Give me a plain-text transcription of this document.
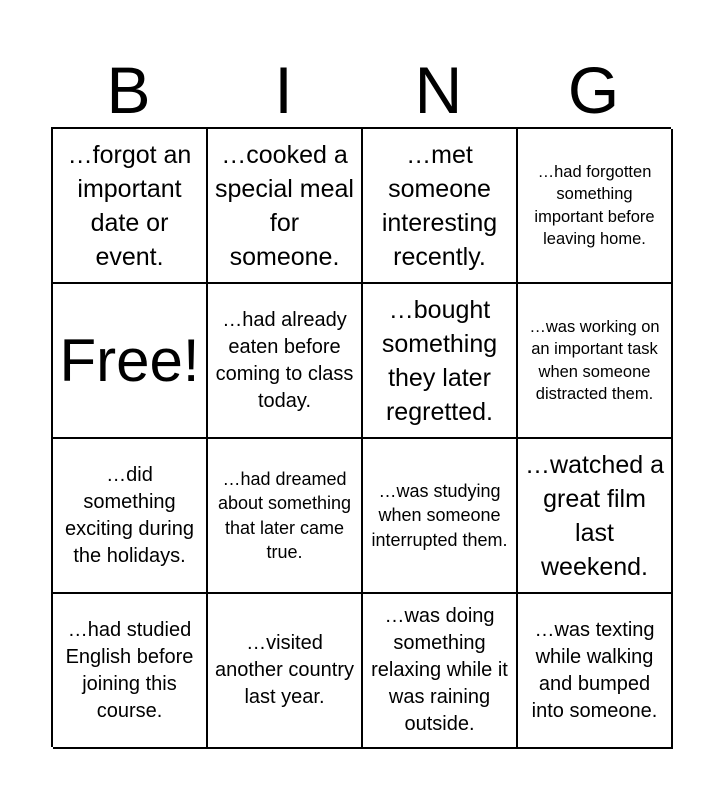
B	I	N	G
…forgot an important date or event.
…cooked a special meal for someone.
…met someone interesting recently.
…had forgotten something important before leaving home.
Free!
…had already eaten before coming to class today.
…bought something they later regretted.
…was working on an important task when someone distracted them.
…did something exciting during the holidays.
…had dreamed about something that later came true.
…was studying when someone interrupted them.
…watched a great film last weekend.
…had studied English before joining this course.
…visited another country last year.
…was doing something relaxing while it was raining outside.
…was texting while walking and bumped into someone.
